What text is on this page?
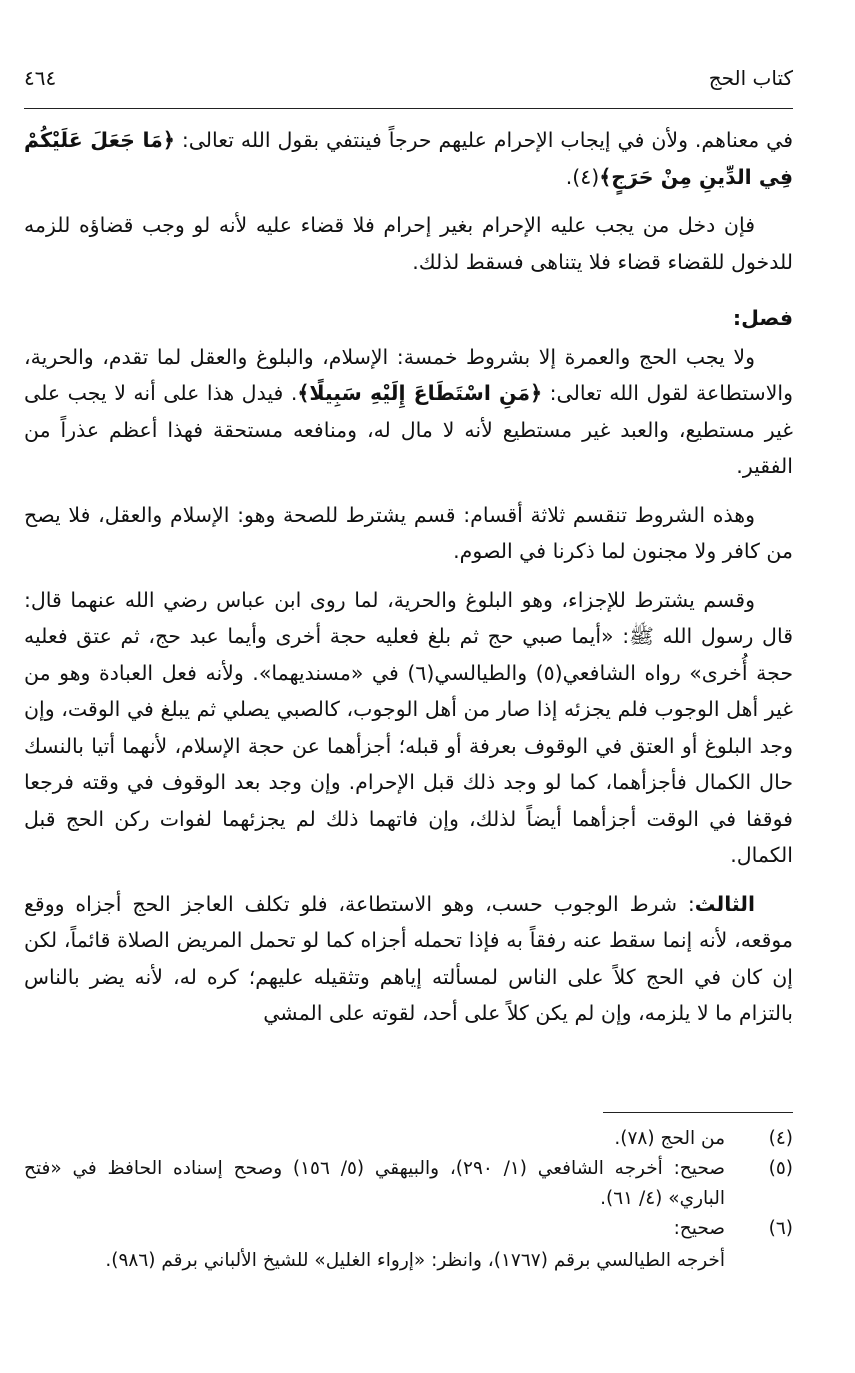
٤٦٤	كتاب الحج

في معناهم. ولأن في إيجاب الإحرام عليهم حرجاً فينتفي بقول الله تعالى: ﴿مَا جَعَلَ عَلَيْكُمْ فِي الدِّينِ مِنْ حَرَجٍ﴾(٤).

فإن دخل من يجب عليه الإحرام بغير إحرام فلا قضاء عليه لأنه لو وجب قضاؤه للزمه للدخول للقضاء قضاء فلا يتناهى فسقط لذلك.

فصل:

ولا يجب الحج والعمرة إلا بشروط خمسة: الإسلام، والبلوغ والعقل لما تقدم، والحرية، والاستطاعة لقول الله تعالى: ﴿مَنِ اسْتَطَاعَ إِلَيْهِ سَبِيلًا﴾. فيدل هذا على أنه لا يجب على غير مستطيع، والعبد غير مستطيع لأنه لا مال له، ومنافعه مستحقة فهذا أعظم عذراً من الفقير.

وهذه الشروط تنقسم ثلاثة أقسام: قسم يشترط للصحة وهو: الإسلام والعقل، فلا يصح من كافر ولا مجنون لما ذكرنا في الصوم.

وقسم يشترط للإجزاء، وهو البلوغ والحرية، لما روى ابن عباس رضي الله عنهما قال: قال رسول الله ﷺ: «أيما صبي حج ثم بلغ فعليه حجة أخرى وأيما عبد حج، ثم عتق فعليه حجة أُخرى» رواه الشافعي(٥) والطيالسي(٦) في «مسنديهما». ولأنه فعل العبادة وهو من غير أهل الوجوب فلم يجزئه إذا صار من أهل الوجوب، كالصبي يصلي ثم يبلغ في الوقت، وإن وجد البلوغ أو العتق في الوقوف بعرفة أو قبله؛ أجزأهما عن حجة الإسلام، لأنهما أتيا بالنسك حال الكمال فأجزأهما، كما لو وجد ذلك قبل الإحرام. وإن وجد بعد الوقوف في وقته فرجعا فوقفا في الوقت أجزأهما أيضاً لذلك، وإن فاتهما ذلك لم يجزئهما لفوات ركن الحج قبل الكمال.

الثالث: شرط الوجوب حسب، وهو الاستطاعة، فلو تكلف العاجز الحج أجزاه ووقع موقعه، لأنه إنما سقط عنه رفقاً به فإذا تحمله أجزاه كما لو تحمل المريض الصلاة قائماً، لكن إن كان في الحج كلاً على الناس لمسألته إياهم وتثقيله عليهم؛ كره له، لأنه يضر بالناس بالتزام ما لا يلزمه، وإن لم يكن كلاً على أحد، لقوته على المشي

(٤)
من الحج (٧٨).
(٥)
صحيح: أخرجه الشافعي (١/ ٢٩٠)، والبيهقي (٥/ ١٥٦) وصحح إسناده الحافظ في «فتح الباري» (٤/ ٦١).
(٦)
صحيح:
أخرجه الطيالسي برقم (١٧٦٧)، وانظر: «إرواء الغليل» للشيخ الألباني برقم (٩٨٦).
